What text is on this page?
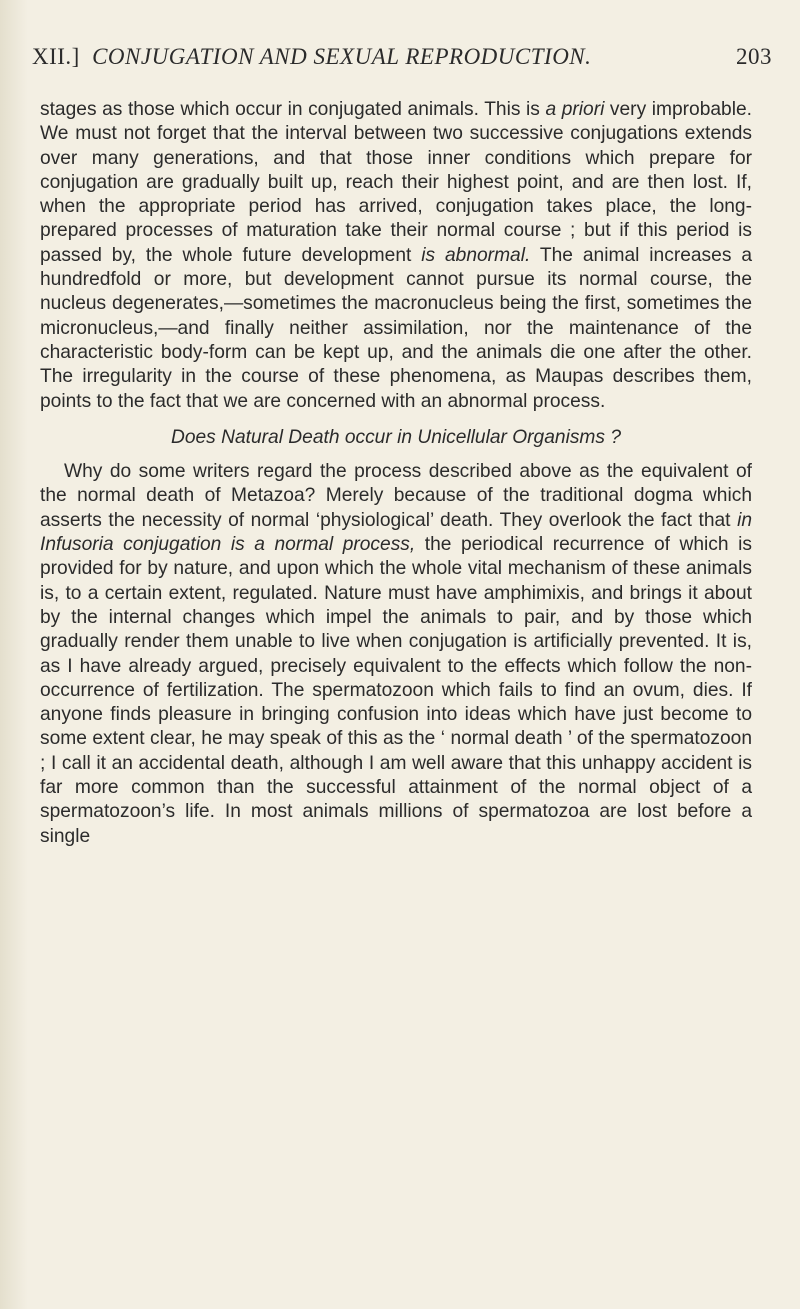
XII.] CONJUGATION AND SEXUAL REPRODUCTION.	203

stages as those which occur in conjugated animals. This is a priori very improbable. We must not forget that the interval between two successive conjugations extends over many generations, and that those inner conditions which prepare for conjugation are gradually built up, reach their highest point, and are then lost. If, when the appropriate period has arrived, conjugation takes place, the long-prepared processes of maturation take their normal course ; but if this period is passed by, the whole future development is abnormal. The animal increases a hundredfold or more, but development cannot pursue its normal course, the nucleus degenerates,—sometimes the macronucleus being the first, sometimes the micronucleus,—and finally neither assimilation, nor the maintenance of the characteristic body-form can be kept up, and the animals die one after the other. The irregularity in the course of these phenomena, as Maupas describes them, points to the fact that we are concerned with an abnormal process.

Does Natural Death occur in Unicellular Organisms ?

Why do some writers regard the process described above as the equivalent of the normal death of Metazoa? Merely because of the traditional dogma which asserts the necessity of normal ‘physiological’ death. They overlook the fact that in Infusoria conjugation is a normal process, the periodical recurrence of which is provided for by nature, and upon which the whole vital mechanism of these animals is, to a certain extent, regulated. Nature must have amphimixis, and brings it about by the internal changes which impel the animals to pair, and by those which gradually render them unable to live when conjugation is artificially prevented. It is, as I have already argued, precisely equivalent to the effects which follow the non-occurrence of fertilization. The spermatozoon which fails to find an ovum, dies. If anyone finds pleasure in bringing confusion into ideas which have just become to some extent clear, he may speak of this as the ‘ normal death ’ of the spermatozoon ; I call it an accidental death, although I am well aware that this unhappy accident is far more common than the successful attainment of the normal object of a spermatozoon’s life. In most animals millions of spermatozoa are lost before a single
